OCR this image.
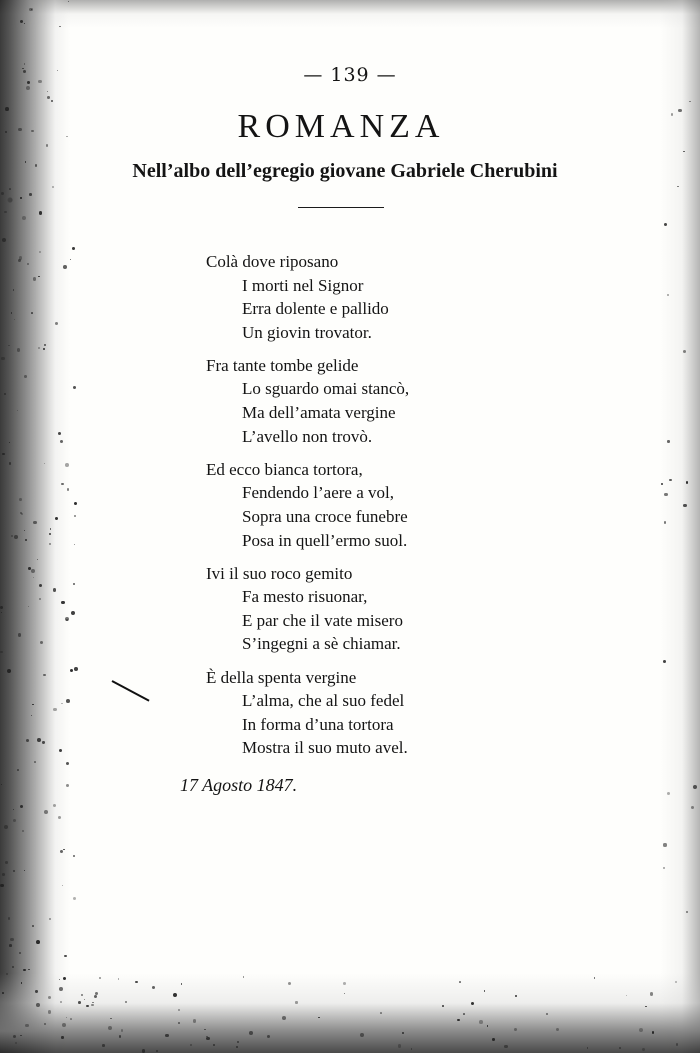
— 139 —
ROMANZA
Nell’albo dell’egregio giovane Gabriele Cherubini
Colà dove riposano
I morti nel Signor
Erra dolente e pallido
Un giovin trovator.
Fra tante tombe gelide
Lo sguardo omai stancò,
Ma dell’amata vergine
L’avello non trovò.
Ed ecco bianca tortora,
Fendendo l’aere a vol,
Sopra una croce funebre
Posa in quell’ermo suol.
Ivi il suo roco gemito
Fa mesto risuonar,
E par che il vate misero
S’ingegni a sè chiamar.
È della spenta vergine
L’alma, che al suo fedel
In forma d’una tortora
Mostra il suo muto avel.
17 Agosto 1847.
